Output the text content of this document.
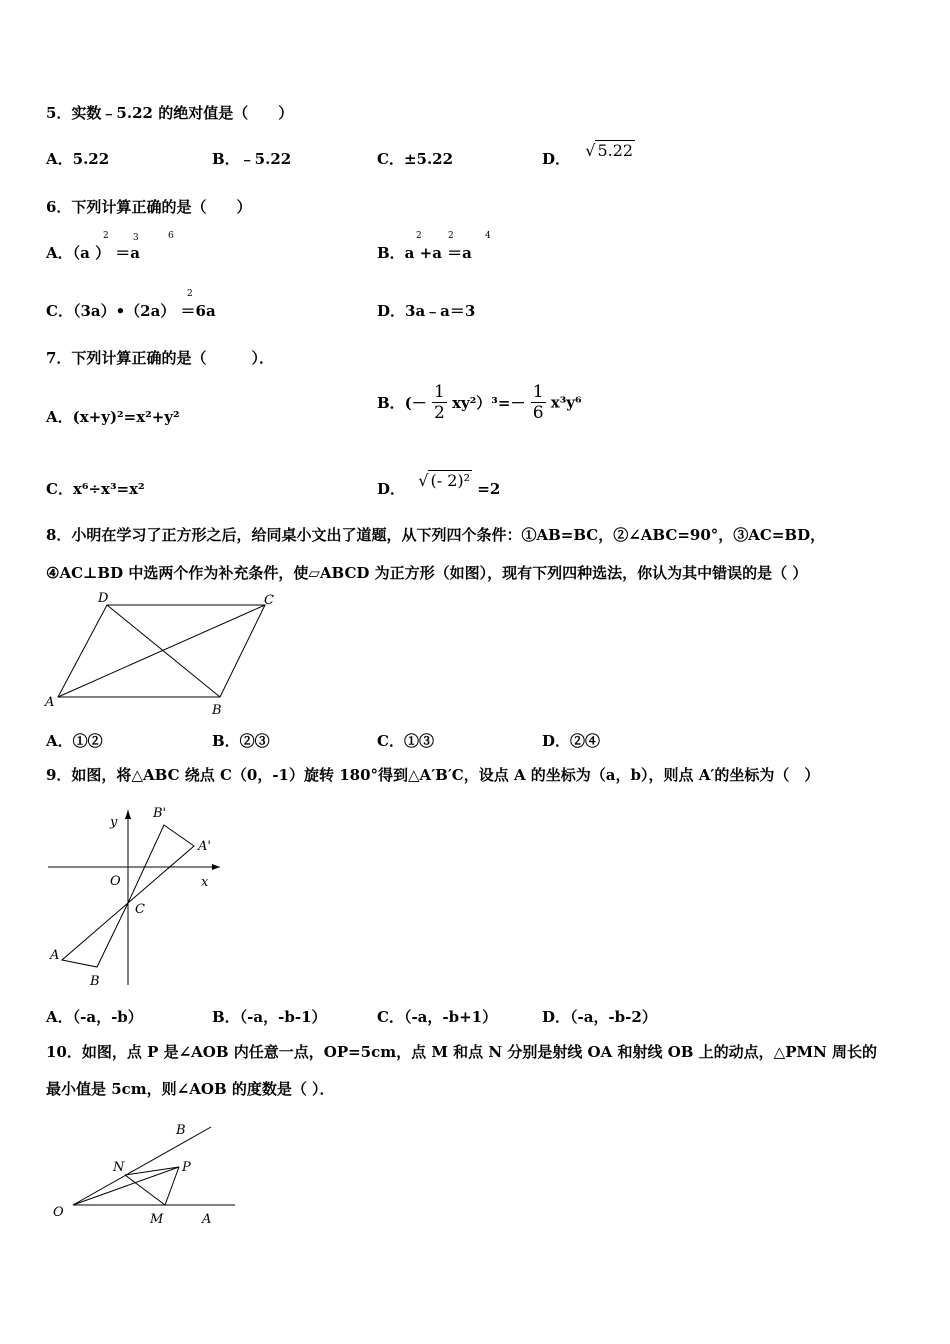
5．实数﹣5.22 的绝对值是（　　）
A．5.22	B．﹣5.22	C．±5.22	D． √ 5.22
6．下列计算正确的是（　　）
A．（a ） ＝a
2	3	6
B．a +a ＝a
2	2	4
C．（3a）•（2a） ＝6a
2
D．3a﹣a＝3
7．下列计算正确的是（　　　）．
A．(x+y)²=x²+y²
B．(－ $\frac{1}{2} xy^2)^3=- \frac{1}{6} x^3y^6$
C．x⁶÷x³=x²	D． √ (- 2)² =2
8．小明在学习了正方形之后，给同桌小文出了道题，从下列四个条件：①AB=BC，②∠ABC=90°，③AC=BD，
④AC⊥BD 中选两个作为补充条件，使▱ABCD 为正方形（如图），现有下列四种选法，你认为其中错误的是（ ）
D	C
A
B
A．①②	B．②③	C．①③	D．②④
9．如图，将△ABC 绕点 C（0，-1）旋转 180°得到△A′B′C，设点 A 的坐标为（a，b），则点 A′的坐标为（　）
y
x
O
C
B'
A'
A
B
A．（-a，-b）	B．（-a，-b-1）	C．（-a，-b+1）	D．（-a，-b-2）
10．如图，点 P 是∠AOB 内任意一点，OP=5cm，点 M 和点 N 分别是射线 OA 和射线 OB 上的动点，△PMN 周长的
最小值是 5cm，则∠AOB 的度数是（ ）．
O	A
B
N	P
M
